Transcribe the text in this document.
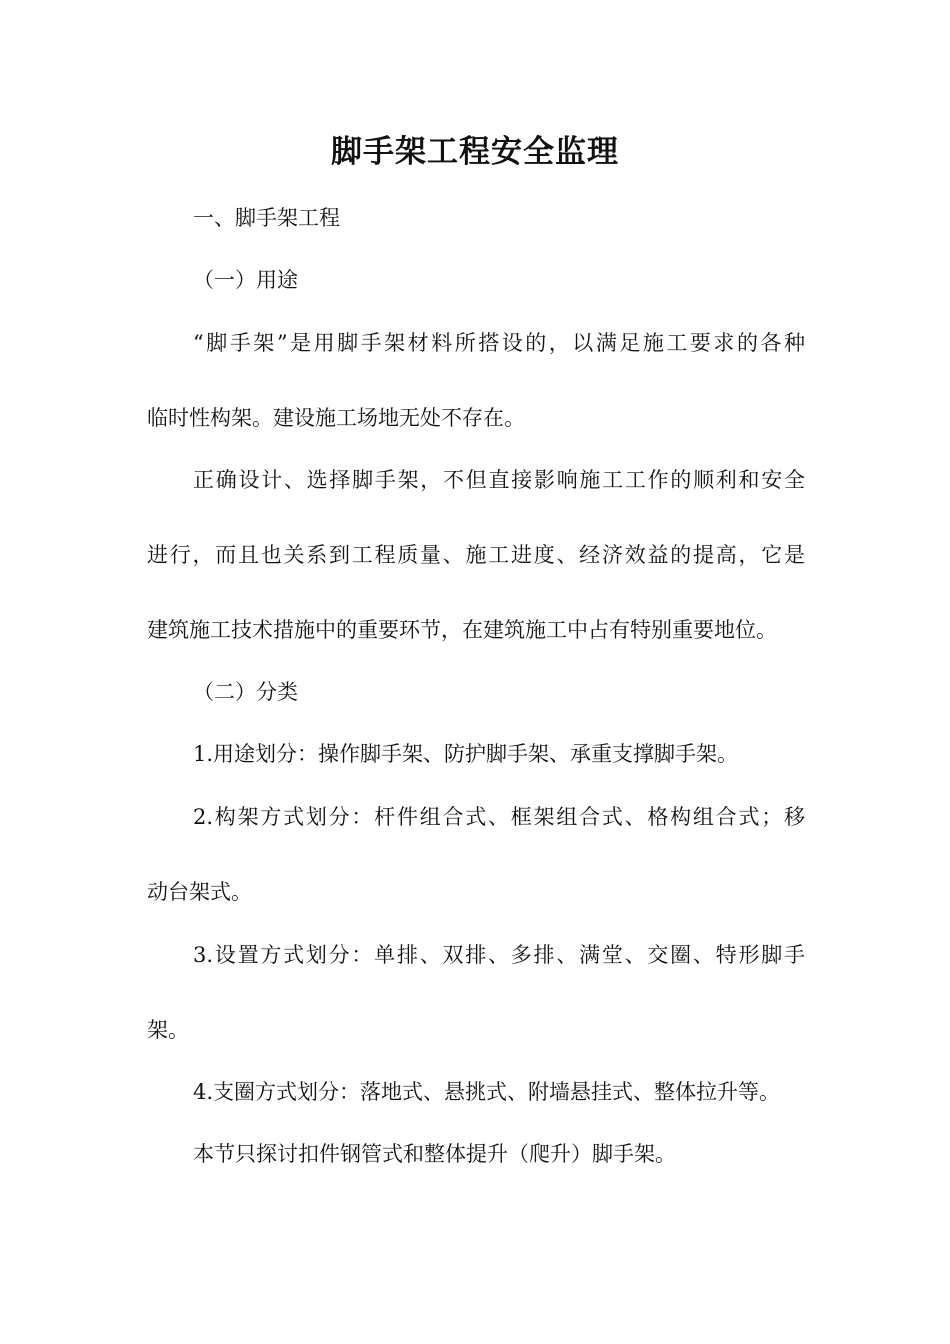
脚手架工程安全监理
一、脚手架工程
（一）用途
“脚手架”是用脚手架材料所搭设的，以满足施工要求的各种
临时性构架。建设施工场地无处不存在。
正确设计、选择脚手架，不但直接影响施工工作的顺利和安全
进行，而且也关系到工程质量、施工进度、经济效益的提高，它是
建筑施工技术措施中的重要环节，在建筑施工中占有特别重要地位。
（二）分类
1.用途划分：操作脚手架、防护脚手架、承重支撑脚手架。
2.构架方式划分：杆件组合式、框架组合式、格构组合式；移
动台架式。
3.设置方式划分：单排、双排、多排、满堂、交圈、特形脚手
架。
4.支圈方式划分：落地式、悬挑式、附墙悬挂式、整体拉升等。
本节只探讨扣件钢管式和整体提升（爬升）脚手架。
